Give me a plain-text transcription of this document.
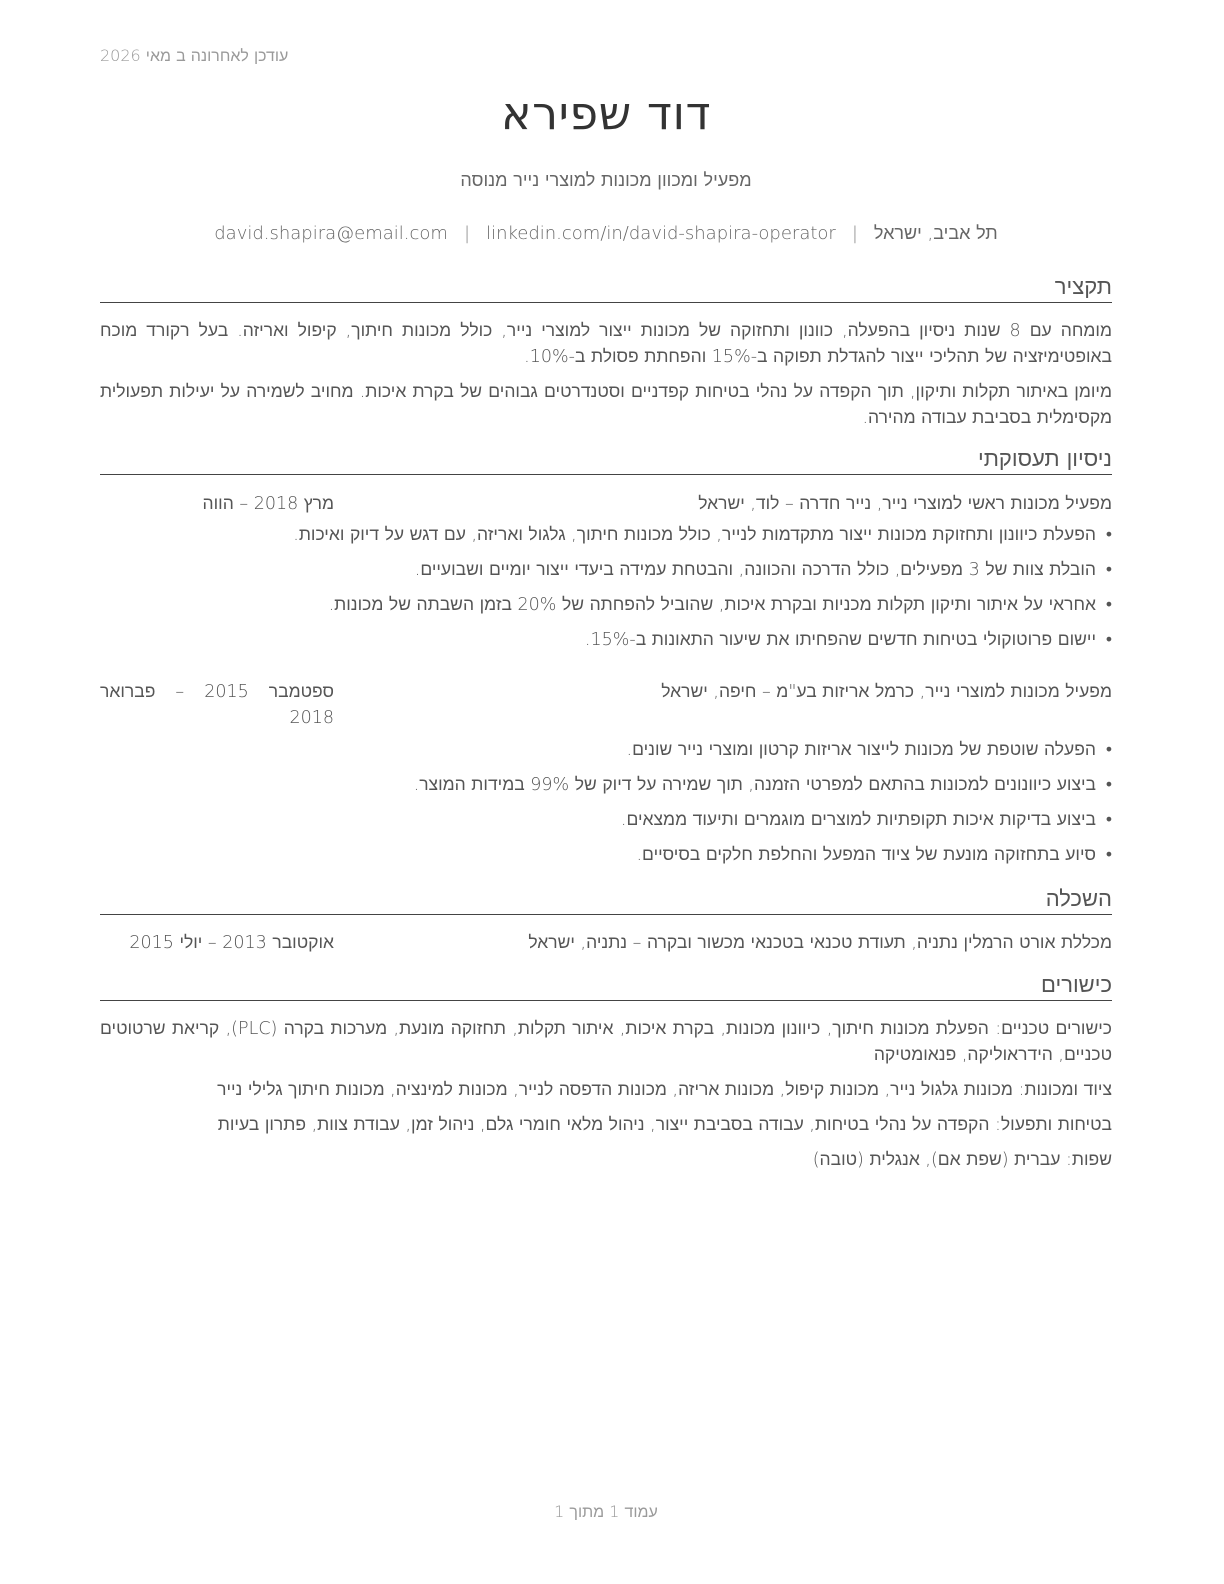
עודכן לאחרונה ב מאי 2026
דוד שפירא
מפעיל ומכוון מכונות למוצרי נייר מנוסה
תל אביב, ישראל|david.shapira@email.com | linkedin.com/in/david-shapira-operator
תקציר
מומחה עם 8 שנות ניסיון בהפעלה, כוונון ותחזוקה של מכונות ייצור למוצרי נייר, כולל מכונות חיתוך, קיפול ואריזה. בעל רקורד מוכח באופטימיזציה של תהליכי ייצור להגדלת תפוקה ב-15% והפחתת פסולת ב-10%.
מיומן באיתור תקלות ותיקון, תוך הקפדה על נהלי בטיחות קפדניים וסטנדרטים גבוהים של בקרת איכות. מחויב לשמירה על יעילות תפעולית מקסימלית בסביבת עבודה מהירה.
ניסיון תעסוקתי
מפעיל מכונות ראשי למוצרי נייר, נייר חדרה – לוד, ישראל
מרץ 2018 – הווה
•
הפעלת כיוונון ותחזוקת מכונות ייצור מתקדמות לנייר, כולל מכונות חיתוך, גלגול ואריזה, עם דגש על דיוק ואיכות.
•
הובלת צוות של 3 מפעילים, כולל הדרכה והכוונה, והבטחת עמידה ביעדי ייצור יומיים ושבועיים.
•
אחראי על איתור ותיקון תקלות מכניות ובקרת איכות, שהוביל להפחתה של 20% בזמן השבתה של מכונות.
•
יישום פרוטוקולי בטיחות חדשים שהפחיתו את שיעור התאונות ב-15%.
מפעיל מכונות למוצרי נייר, כרמל אריזות בע"מ – חיפה, ישראל
ספטמבר 2015 – פברואר 2018
•
הפעלה שוטפת של מכונות לייצור אריזות קרטון ומוצרי נייר שונים.
•
ביצוע כיוונונים למכונות בהתאם למפרטי הזמנה, תוך שמירה על דיוק של 99% במידות המוצר.
•
ביצוע בדיקות איכות תקופתיות למוצרים מוגמרים ותיעוד ממצאים.
•
סיוע בתחזוקה מונעת של ציוד המפעל והחלפת חלקים בסיסיים.
השכלה
מכללת אורט הרמלין נתניה, תעודת טכנאי בטכנאי מכשור ובקרה – נתניה, ישראל
אוקטובר 2013 – יולי 2015
כישורים
כישורים טכניים: הפעלת מכונות חיתוך, כיוונון מכונות, בקרת איכות, איתור תקלות, תחזוקה מונעת, מערכות בקרה (PLC), קריאת שרטוטים טכניים, הידראוליקה, פנאומטיקה
ציוד ומכונות: מכונות גלגול נייר, מכונות קיפול, מכונות אריזה, מכונות הדפסה לנייר, מכונות למינציה, מכונות חיתוך גלילי נייר
בטיחות ותפעול: הקפדה על נהלי בטיחות, עבודה בסביבת ייצור, ניהול מלאי חומרי גלם, ניהול זמן, עבודת צוות, פתרון בעיות
שפות: עברית (שפת אם), אנגלית (טובה)
עמוד 1 מתוך 1
